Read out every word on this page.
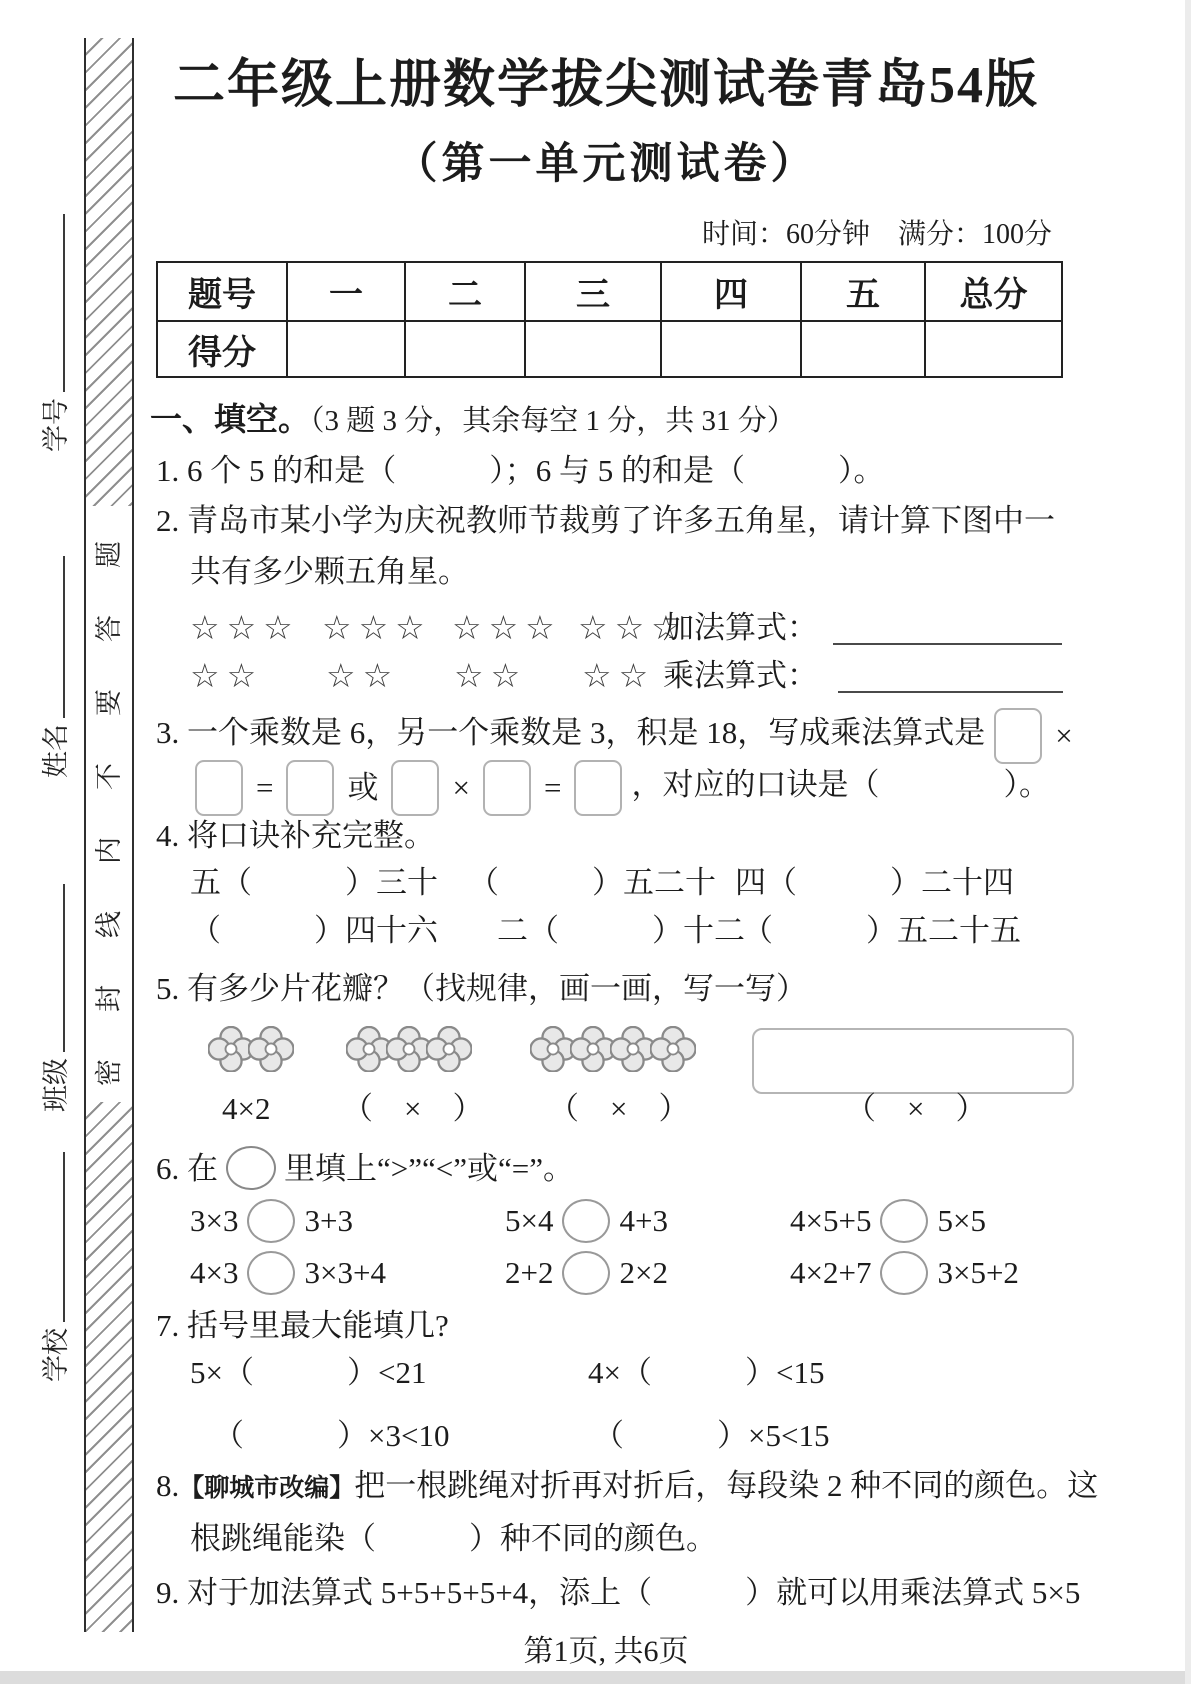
密封线内不要答题
学号
姓名
班级
学校
二年级上册数学拔尖测试卷青岛54版
（第一单元测试卷）
时间：60分钟　满分：100分
题号	一	二	三	四	五	总分
得分						
一、填空。（3 题 3 分，其余每空 1 分，共 31 分）
1. 6 个 5 的和是（　　　）；6 与 5 的和是（　　　）。
2. 青岛市某小学为庆祝教师节裁剪了许多五角星，请计算下图中一
共有多少颗五角星。
☆☆☆ ☆☆☆ ☆☆☆ ☆☆☆
加法算式：
☆☆ ☆☆ ☆☆ ☆☆ 乘法算式：
3. 一个乘数是 6，另一个乘数是 3，积是 18，写成乘法算式是 ×
= 或 × = ，对应的口诀是（　　　　）。
4. 将口诀补充完整。
五（　　　）三十 （　　　）五二十 四（　　　）二十四
（　　　）四十六 二（　　　）十二
（　　　）五二十五
5. 有多少片花瓣？（找规律，画一画，写一写）
4×2 （　×　） （　×　）	（　×　）
6. 在 里填上“>”“<”或“=”。
3×3 3+3	5×4 4+3	4×5+5 5×5
4×3 3×3+4	2+2 2×2	4×2+7 3×5+2
7. 括号里最大能填几?
5×（　　　）<21	4×（　　　）<15
（　　　）×3<10	（　　　）×5<15
8.【聊城市改编】把一根跳绳对折再对折后，每段染 2 种不同的颜色。这
根跳绳能染（　　　）种不同的颜色。
9. 对于加法算式 5+5+5+5+4，添上（　　　）就可以用乘法算式 5×5
第1页, 共6页
